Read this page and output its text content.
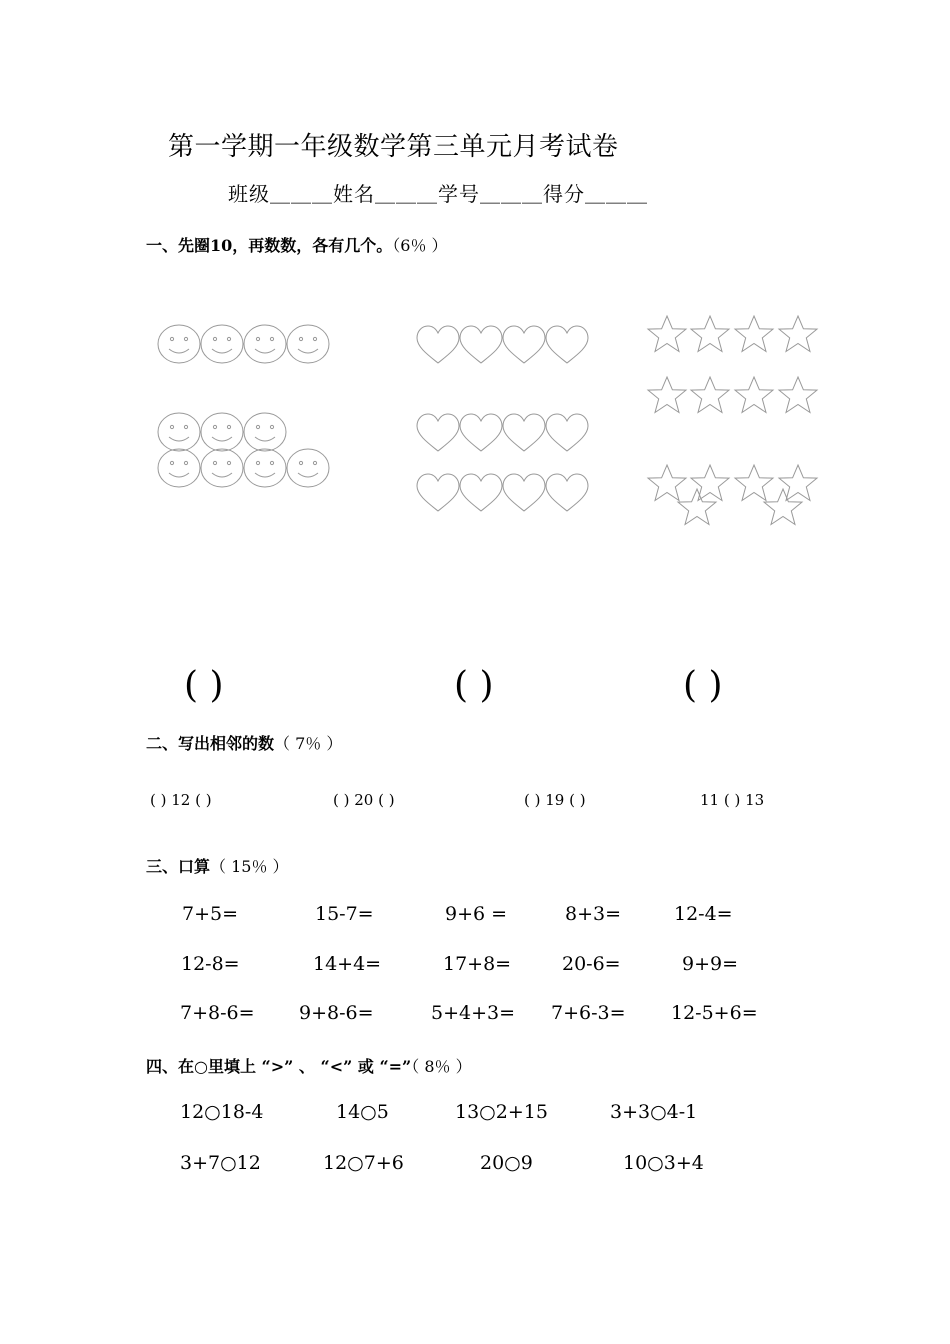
第一学期一年级数学第三单元月考试卷
班级＿＿＿姓名＿＿＿学号＿＿＿得分＿＿＿
一、先圈10，再数数，各有几个。（6％ ）
( )	( )	( )
二、写出相邻的数（ 7％ ）
( ) 12 ( )	( ) 20 ( )	( ) 19 ( )	11 ( ) 13
三、口算（ 15％ ）
7+5=	15-7=	9+6 =	8+3=	12-4=
12-8=	14+4=	17+8=	20-6=	9+9=
7+8-6= 9+8-6=	5+4+3= 7+6-3= 12-5+6=
四、在○里填上 “>” 、 “<” 或 “=”（ 8％ ）
12○18-4	14○5	13○2+15	3+3○4-1
3+7○12	12○7+6	20○9	10○3+4
